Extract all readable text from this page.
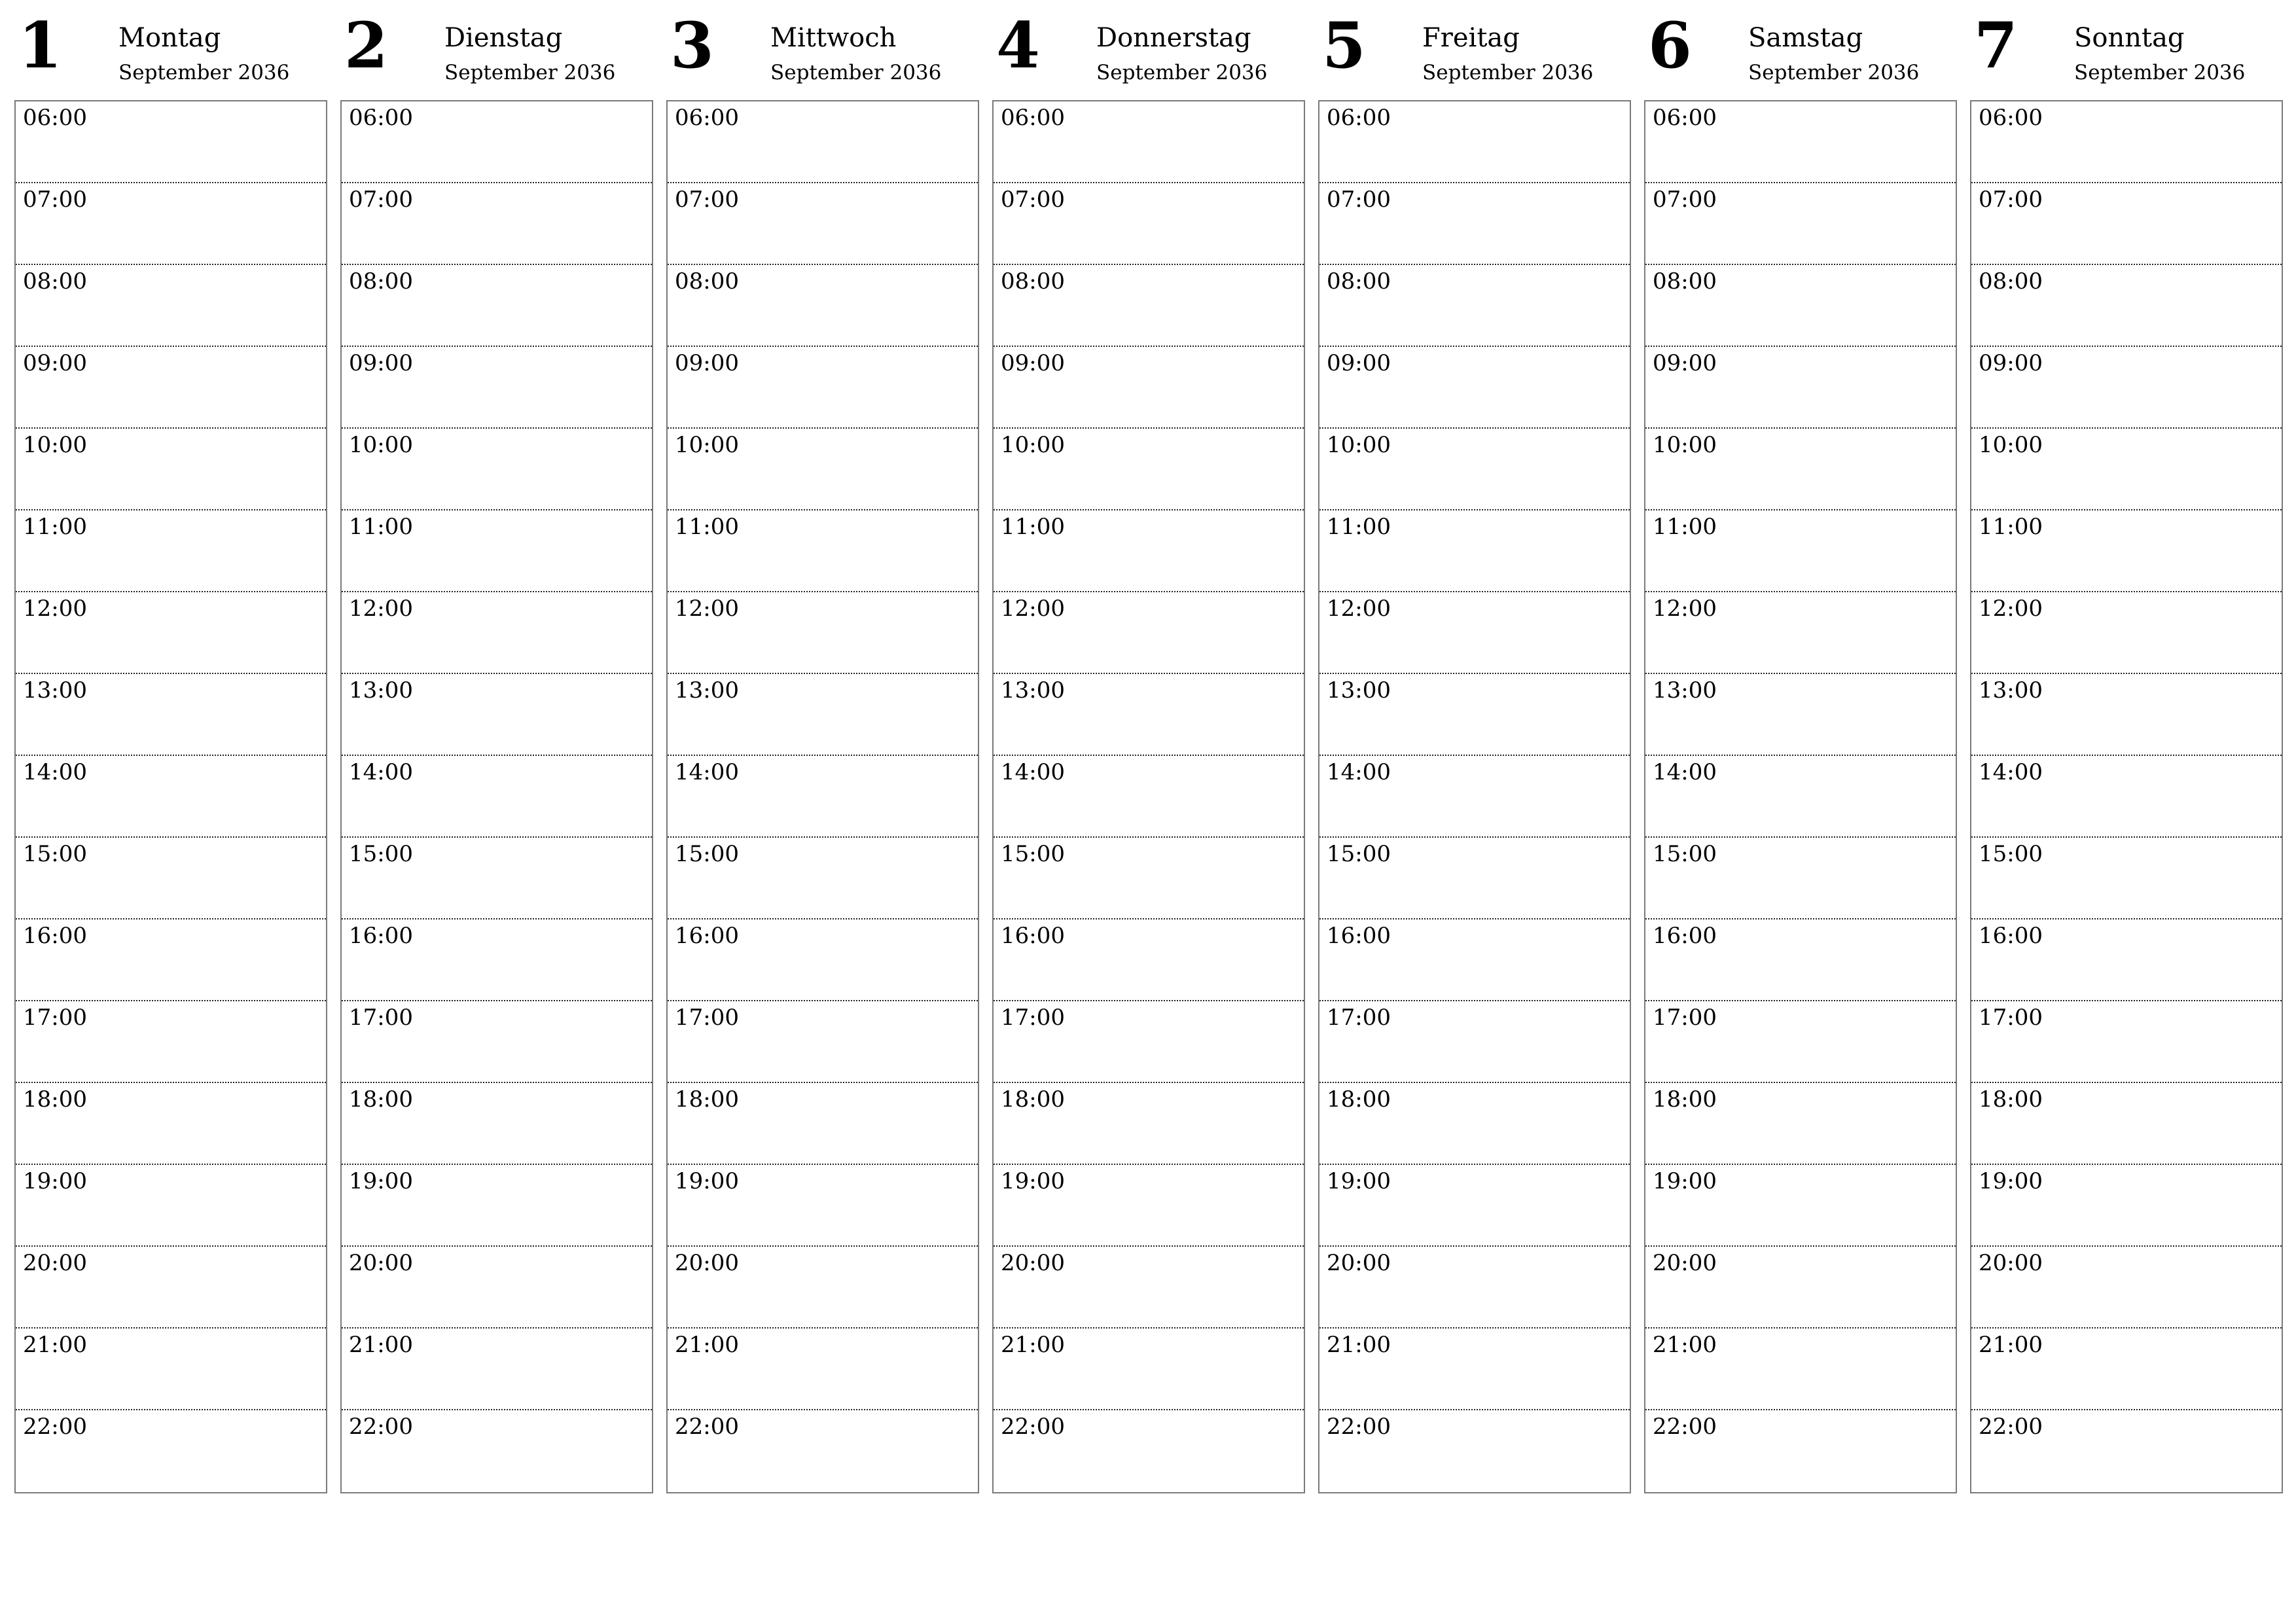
1 Montag
September 2036
06:00
07:00
08:00
09:00
10:00
11:00
12:00
13:00
14:00
15:00
16:00
17:00
18:00
19:00
20:00
21:00
22:00
2 Dienstag
September 2036
06:00
07:00
08:00
09:00
10:00
11:00
12:00
13:00
14:00
15:00
16:00
17:00
18:00
19:00
20:00
21:00
22:00
3 Mittwoch
September 2036
06:00
07:00
08:00
09:00
10:00
11:00
12:00
13:00
14:00
15:00
16:00
17:00
18:00
19:00
20:00
21:00
22:00
4 Donnerstag
September 2036
06:00
07:00
08:00
09:00
10:00
11:00
12:00
13:00
14:00
15:00
16:00
17:00
18:00
19:00
20:00
21:00
22:00
5 Freitag
September 2036
06:00
07:00
08:00
09:00
10:00
11:00
12:00
13:00
14:00
15:00
16:00
17:00
18:00
19:00
20:00
21:00
22:00
6 Samstag
September 2036
06:00
07:00
08:00
09:00
10:00
11:00
12:00
13:00
14:00
15:00
16:00
17:00
18:00
19:00
20:00
21:00
22:00
7 Sonntag
September 2036
06:00
07:00
08:00
09:00
10:00
11:00
12:00
13:00
14:00
15:00
16:00
17:00
18:00
19:00
20:00
21:00
22:00
